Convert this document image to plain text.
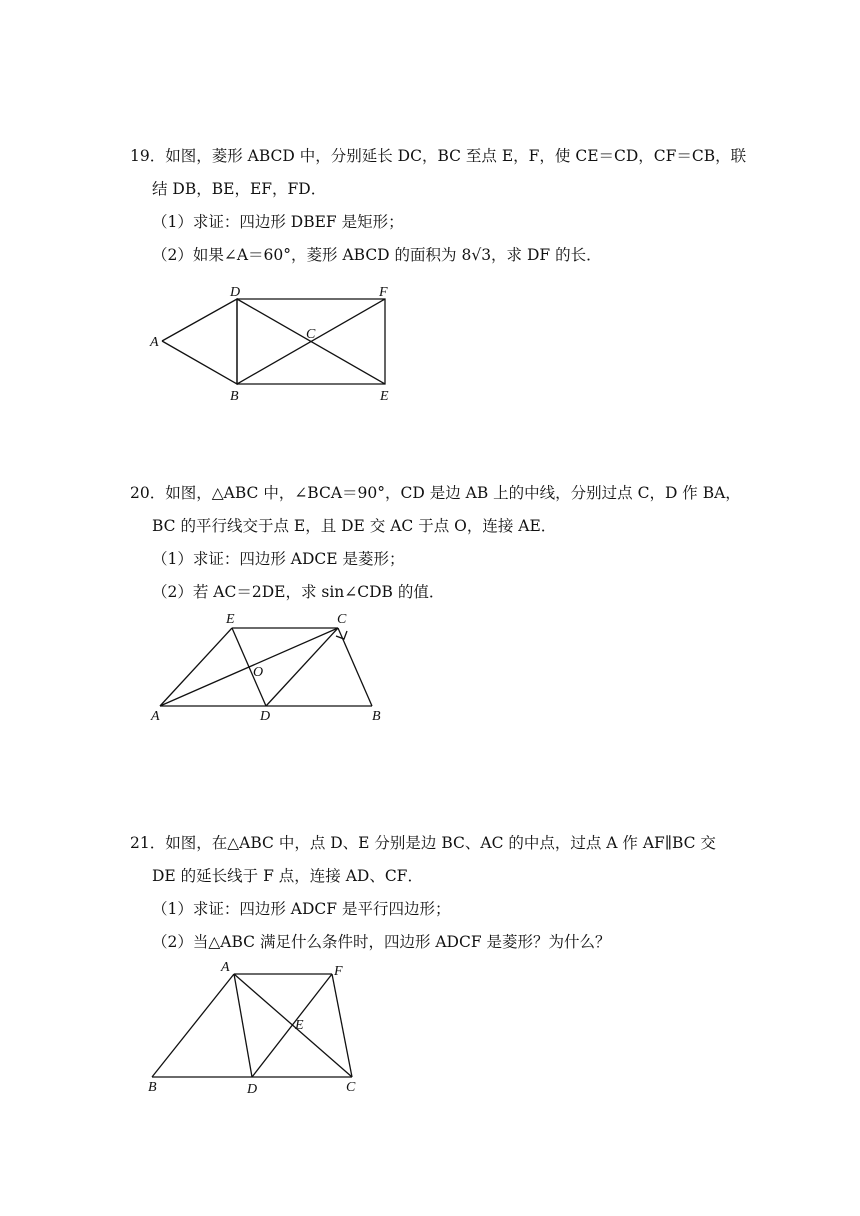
19．如图，菱形 ABCD 中，分别延长 DC，BC 至点 E，F，使 CE＝CD，CF＝CB，联
结 DB，BE，EF，FD．
（1）求证：四边形 DBEF 是矩形；
（2）如果∠A＝60°，菱形 ABCD 的面积为 8√3，求 DF 的长．
A
D	F
C
B	E
20．如图，△ABC 中，∠BCA＝90°，CD 是边 AB 上的中线，分别过点 C，D 作 BA，
BC 的平行线交于点 E，且 DE 交 AC 于点 O，连接 AE．
（1）求证：四边形 ADCE 是菱形；
（2）若 AC＝2DE，求 sin∠CDB 的值．
A
E	C
O
D	B
21．如图，在△ABC 中，点 D、E 分别是边 BC、AC 的中点，过点 A 作 AF∥BC 交
DE 的延长线于 F 点，连接 AD、CF．
（1）求证：四边形 ADCF 是平行四边形；
（2）当△ABC 满足什么条件时，四边形 ADCF 是菱形？为什么？
A	F
E
B	D	C
